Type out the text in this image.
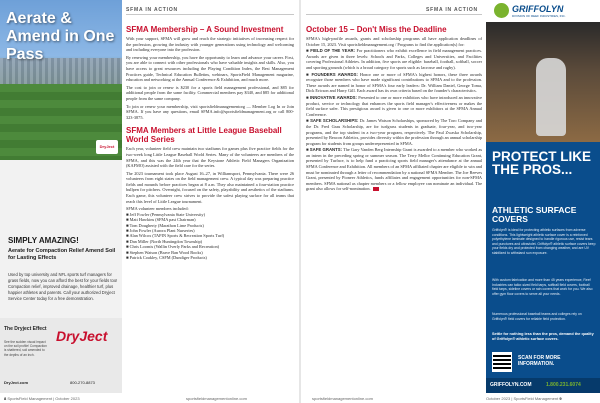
Aerate & Amend in One Pass
DryJect
SIMPLY AMAZING!
Aerate for Compaction Relief Amend Soil for Lasting Effects
Used by top university and NFL sports turf managers for grass fields, now you can afford the best for your fields too! Compaction relief, improved drainage, healthier turf, plus happier athletes and parents. Call your authorized Dryject Service Center today for a free demonstration.
The Dryject Effect
See the sudden visual impact on the soil profile! Compaction is shattered, soil amended to the depths of an inch.
DryJect
DryJect.com	800-270-8873
SFMA IN ACTION	SFMA IN ACTION
SFMA Membership – A Sound Investment

With your support, SFMA will grow and reach the strategic initiatives of increasing respect for the profession, growing the industry with younger generations using technology and welcoming and including everyone into the profession.

By renewing your membership, you have the opportunity to learn and advance your career. First, you are able to connect with other professionals who have valuable insights and skills. Also, you have access to great resources including the Playing Condition Index, the Best Management Practices guide, Technical Education Bulletins, webinars, SportsField Management magazine, education and networking at the Annual Conference & Exhibition, and much more.

The cost to join or renew is $230 for a sports field management professional, and $85 for additional people from the same facility. Commercial members pay $340, and $85 for additional people from the same company.

To join or renew your membership, visit sportsfieldmanagementorg — Member Log In or Join SFMA. If you have any questions, email SFMA.info@sportsfieldmanagement.org or call 800-323-3875.

SFMA Members at Little League Baseball World Series

Each year, volunteer field crew maintain two stadiums for games plus five practice fields for the two-week long Little League Baseball World Series. Many of the volunteers are members of the SFMA, and this was the 24th year that the Keystone Athletic Field Managers Organization (KAFMO) assisted with the field care for the series.

The 2023 tournament took place August 16–27, in Williamsport, Pennsylvania. There were 26 volunteers from eight states on the field management crew. A typical day was preparing practice fields and mounds before practices began at 8 a.m. They also maintained a four-station practice bullpen for pitchers. Overnight, focused on the safety, playability and aesthetics of the stadiums. Each game, this volunteer crew strives to provide the safest playing surface for all teams that reach this level of Little League tournament.

SFMA volunteer members included:

■ Jeff Fowler (Pennsylvania State University)
■ Matt Hawkins (SFMA past Chairman)
■ Tom Dougherty (Marathon Lime Products)
■ John Fowler (Aurora Plant Nurseries)
■ Alan Wilcox (TAPIN Sports & Recreation Sports Turf)
■ Dan Miller (North Huntingdon Township)
■ Chris Loomis (Wallin Overly Parks and Recreation)
■ Stephen Watson (Brave Ban Wood Books)
■ Patrick Coakley, CSFM (Dundiger Products)
October 15 – Don't Miss the Deadline

SFMA's high-profile awards, grants and scholarship programs all have application deadlines of October 15, 2023. Visit sportsfieldmanagement.org / Programs to find the application(s) for:

■ FIELD OF THE YEAR: For practitioners who exhibit excellence in field management practices. Awards are given in three levels: Schools and Parks, Colleges and Universities, and Facilities covering Professional Athletes. In addition, five sports are eligible: baseball, football, softball, soccer and sporting grounds (which is a broad category for sports such as lacrosse and rugby).

■ FOUNDERS AWARDS: Honor one or more of SFMA's highest honors, these three awards recognize those members who have made significant contributions to SFMA and to the profession. These awards are named in honor of SFMA's four early leaders: Dr. William Daniel, George Toma, Dick Ericson and Harry Gill. Each award has its own criteria based on the founder's characteristics.

■ INNOVATIVE AWARDS: Presented to one or more exhibitors who have introduced an innovative product, service or technology that enhances the sports field manager's effectiveness or makes the field surface safer. This prestigious award is given to one or more exhibitors at the SFMA Annual Conference.

■ SAFE SCHOLARSHIPS: Dr. James Watson Scholarships, sponsored by The Toro Company and the Dr. Fred Grau Scholarship, are for turfgrass students in graduate, four-year, and two-year programs, and the top student in a two-year program, respectively. The Paul Zwaska Scholarship, presented by Beacon Athletics, provides diversity within the profession through an annual scholarship program for students from groups underrepresented in SFMA.

■ SAFE GRANTS: The Gary Vanden Berg Internship Grant is awarded to a member who worked as an intern in the preceding spring or summer season. The Terry Mellor Continuing Education Grant, presented by Turface, is to help fund a practicing sports field manager's attendance at the annual SFMA Conference and Exhibition. All members of an SFMA affiliated chapter are eligible to win and must be nominated through a letter of recommendation by a national SFMA Member. The Joe Reeves Grant, presented by Pioneer Athletics, funds affiliates and engagement opportunities for non-SFMA members. SFMA national as chapter members or a fellow employee can nominate an individual. The grant also allows for self-nomination.

GRIFFOLYN
DIVISION OF REEF INDUSTRIES, INC.
PROTECT LIKE THE PROS...
ATHLETIC SURFACE COVERS
Griffolyn® is ideal for protecting athletic surfaces from adverse conditions. This lightweight athletic surface cover is a reinforced polyethylene laminate designed to handle rigorous use, resist tears and punctures and ultraviolet. Griffolyn® athletic surface covers keep your fields dry and protected from changing weather, and are UV stabilized to withstand sun exposure.
With custom fabrication and more than 45 years experience, Reef Industries can tailor-sized field tarps, softball field covers, football field tarps, sideline covers or rain covers that work for you. We also offer gym floor covers to serve all your needs.
Numerous professional baseball teams and colleges rely on Griffolyn® field covers for reliable field protection.
Settle for nothing less than the pros, demand the quality of Griffolyn® athletic surface covers.
SCAN FOR MORE INFORMATION.
GRIFFOLYN.COM	1.800.231.6074
8 SportsField Management | October 2023	sportsfieldmanagementonline.com	sportsfieldmanagementonline.com	October 2023 | SportsField Management 9
